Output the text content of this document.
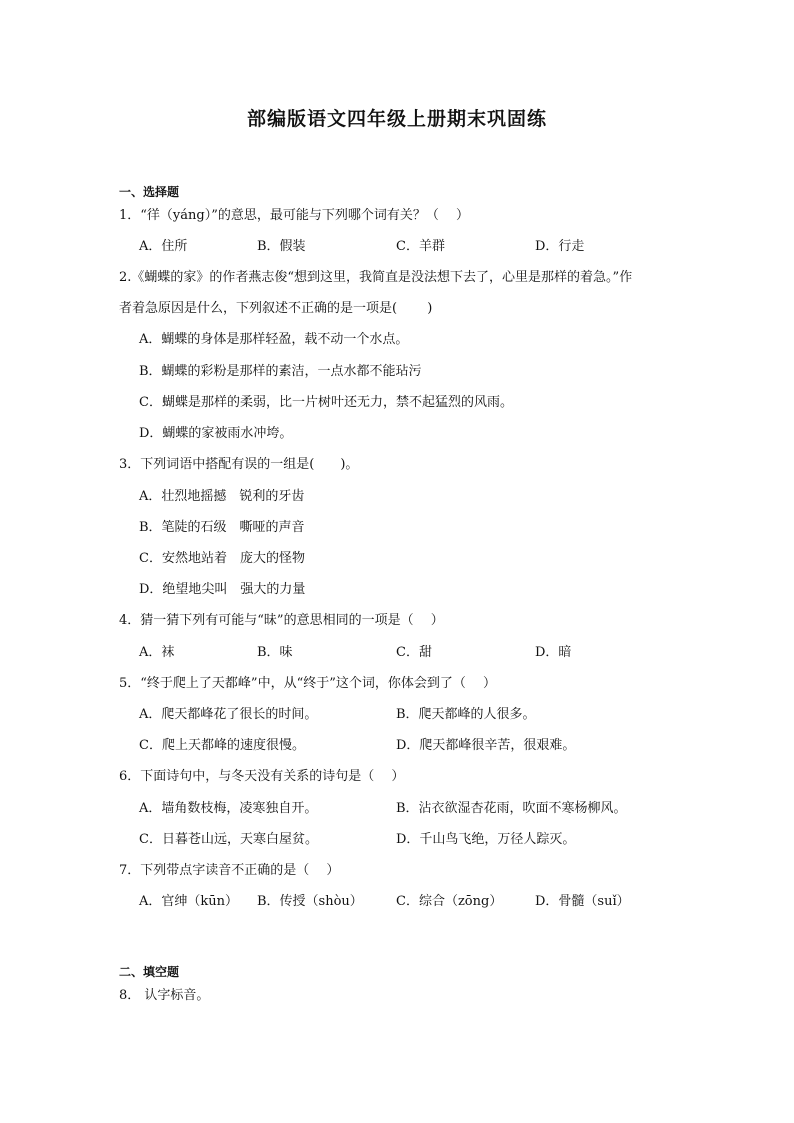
部编版语文四年级上册期末巩固练
一、选择题
1．“徉（yáng）”的意思，最可能与下列哪个词有关？（　 ）
A．住所	B．假装	C．羊群	D．行走
2.《蝴蝶的家》的作者燕志俊“想到这里，我简直是没法想下去了，心里是那样的着急。”作
者着急原因是什么，下列叙述不正确的是一项是(　　 )
A．蝴蝶的身体是那样轻盈，载不动一个水点。
B．蝴蝶的彩粉是那样的素洁，一点水都不能玷污
C．蝴蝶是那样的柔弱，比一片树叶还无力，禁不起猛烈的风雨。
D．蝴蝶的家被雨水冲垮。
3．下列词语中搭配有误的一组是(　　)。
A．壮烈地摇撼　锐利的牙齿
B．笔陡的石级　嘶哑的声音
C．安然地站着　庞大的怪物
D．绝望地尖叫　强大的力量
4．猜一猜下列有可能与“昧”的意思相同的一项是（　 ）
A．袜	B．味	C．甜	D．暗
5．“终于爬上了天都峰”中，从“终于”这个词，你体会到了（　 ）
A．爬天都峰花了很长的时间。	B．爬天都峰的人很多。
C．爬上天都峰的速度很慢。	D．爬天都峰很辛苦，很艰难。
6．下面诗句中，与冬天没有关系的诗句是（　 ）
A．墙角数枝梅，凌寒独自开。	B．沾衣欲湿杏花雨，吹面不寒杨柳风。
C．日暮苍山远，天寒白屋贫。	D．千山鸟飞绝，万径人踪灭。
7．下列带点字读音不正确的是（　 ）
A．官绅（kūn） B．传授（shòu）	C．综合（zōng）	D．骨髓（suǐ）
二、填空题
8． 认字标音。
